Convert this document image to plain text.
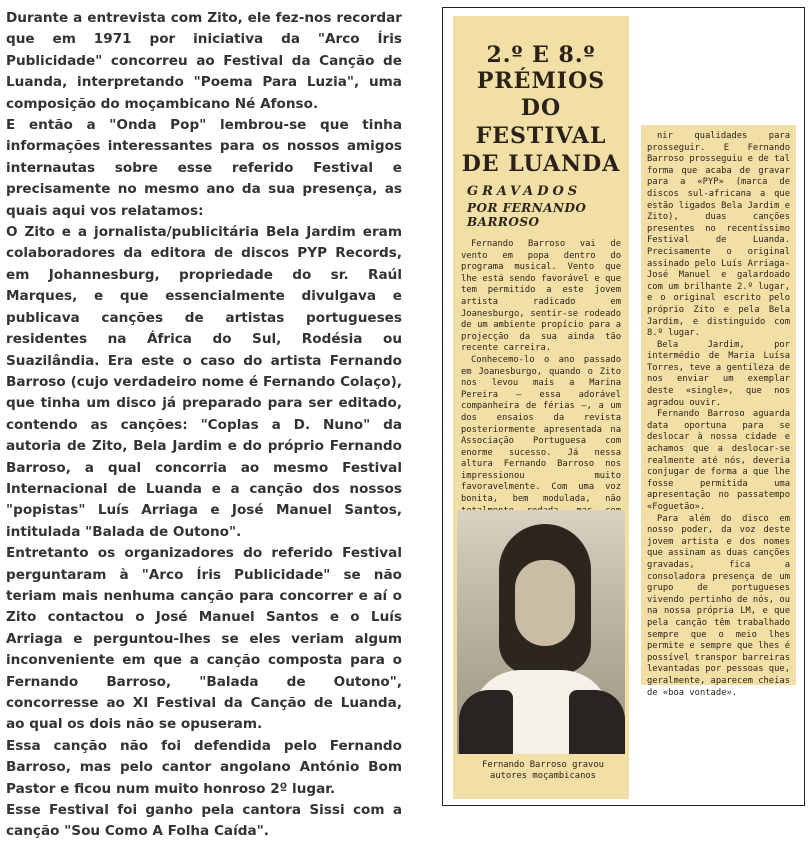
Durante a entrevista com Zito, ele fez-nos recordar que em 1971 por iniciativa da "Arco Íris Publicidade" concorreu ao Festival da Canção de Luanda, interpretando "Poema Para Luzia", uma composição do moçambicano Né Afonso.

E então a "Onda Pop" lembrou-se que tinha informações interessantes para os nossos amigos internautas sobre esse referido Festival e precisamente no mesmo ano da sua presença, as quais aqui vos relatamos:

O Zito e a jornalista/publicitária Bela Jardim eram colaboradores da editora de discos PYP Records, em Johannesburg, propriedade do sr. Raúl Marques, e que essencialmente divulgava e publicava canções de artistas portugueses residentes na África do Sul, Rodésia ou Suazilândia. Era este o caso do artista Fernando Barroso (cujo verdadeiro nome é Fernando Colaço), que tinha um disco já preparado para ser editado, contendo as canções: "Coplas a D. Nuno" da autoria de Zito, Bela Jardim e do próprio Fernando Barroso, a qual concorria ao mesmo Festival Internacional de Luanda e a canção dos nossos "popistas" Luís Arriaga e José Manuel Santos, intitulada "Balada de Outono".

Entretanto os organizadores do referido Festival perguntaram à "Arco Íris Publicidade" se não teriam mais nenhuma canção para concorrer e aí o Zito contactou o José Manuel Santos e o Luís Arriaga e perguntou-lhes se eles veriam algum inconveniente em que a canção composta para o Fernando Barroso, "Balada de Outono", concorresse ao XI Festival da Canção de Luanda, ao qual os dois não se opuseram.

Essa canção não foi defendida pelo Fernando Barroso, mas pelo cantor angolano António Bom Pastor e ficou num muito honroso 2º lugar.

Esse Festival foi ganho pela cantora Sissi com a canção "Sou Como A Folha Caída".

2.º E 8.º PRÉMIOS
DO FESTIVAL
DE LUANDA
GRAVADOS
POR FERNANDO BARROSO

Fernando Barroso vai de vento em popa dentro do programa musical. Vento que lhe está sendo favorável e que tem permitido a este jovem artista radicado em Joanesburgo, sentir-se rodeado de um ambiente propício para a projecção da sua ainda tão recente carreira.

Conhecemo-lo o ano passado em Joanesburgo, quando o Zito nos levou mais a Marina Pereira — essa adorável companheira de férias —, a um dos ensaios da revista posteriormente apresentada na Associação Portuguesa com enorme sucesso. Já nessa altura Fernando Barroso nos impressionou muito favoravelmente. Com uma voz bonita, bem modulada, não

Fernando Barroso gravou autores moçambicanos

nir qualidades para prosseguir. E Fernando Barroso prosseguiu e de tal forma que acaba de gravar para a «PYP» (marca de discos sul-africana a que estão ligados Bela Jardim e Zito), duas canções presentes no recentíssimo Festival de Luanda. Precisamente o original assinado pelo Luís Arriaga-José Manuel e galardoado com um brilhante 2.º lugar, e o original escrito pelo próprio Zito e pela Bela Jardim, e distinguido com 8.º lugar.

Bela Jardim, por intermédio de Maria Luísa Torres, teve a gentileza de nos enviar um exemplar deste «single», que nos agradou ouvir.

Fernando Barroso aguarda data oportuna para se deslocar à nossa cidade e achamos que a deslocar-se realmente até nós, deveria conjugar de forma a que lhe fosse permitida uma apresentação no passatempo «Foguetão».

Para além do disco em nosso poder, da voz deste jovem artista e dos nomes que assinam as duas canções gravadas, fica a consoladora presença de um grupo de portugueses vivendo pertinho de nós, ou na nossa própria LM, e que pela canção têm trabalhado sempre que o meio lhes permite e sempre que lhes é possível transpor barreiras levantadas por pessoas que, geralmente, aparecem cheias de «boa vontade».
